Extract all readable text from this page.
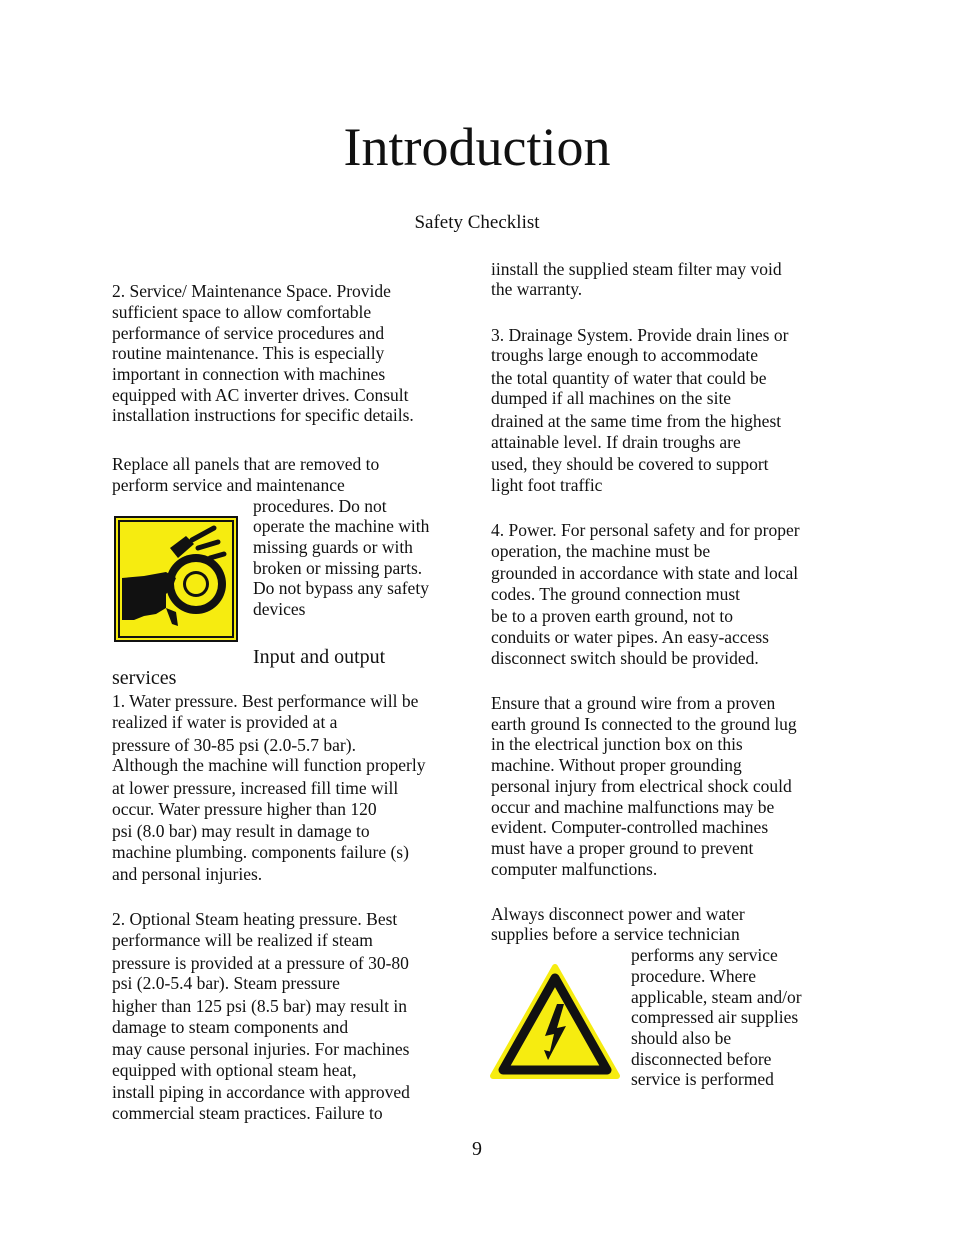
Introduction
Safety Checklist
2. Service/ Maintenance Space. Provide
sufficient space to allow comfortable
performance of service procedures and
routine maintenance. This is especially
important in connection with machines
equipped with AC inverter drives. Consult
installation instructions for specific details.
Replace all panels that are removed to
perform service and maintenance
procedures. Do not
operate the machine with
missing guards or with
broken or missing parts.
Do not bypass any safety
devices
Input and output
services
1. Water pressure. Best performance will be
realized if water is provided at a
pressure of 30-85 psi (2.0-5.7 bar).
Although the machine will function properly
at lower pressure, increased fill time will
occur. Water pressure higher than 120
psi (8.0 bar) may result in damage to
machine plumbing. components failure (s)
and personal injuries.
2. Optional Steam heating pressure. Best
performance will be realized if steam
pressure is provided at a pressure of 30-80
psi (2.0-5.4 bar). Steam pressure
higher than 125 psi (8.5 bar) may result in
damage to steam components and
may cause personal injuries. For machines
equipped with optional steam heat,
install piping in accordance with approved
commercial steam practices. Failure to
iinstall the supplied steam filter may void
the warranty.
3. Drainage System. Provide drain lines or
troughs large enough to accommodate
the total quantity of water that could be
dumped if all machines on the site
drained at the same time from the highest
attainable level. If drain troughs are
used, they should be covered to support
light foot traffic
4. Power. For personal safety and for proper
operation, the machine must be
grounded in accordance with state and local
codes. The ground connection must
be to a proven earth ground, not to
conduits or water pipes. An easy-access
disconnect switch should be provided.
Ensure that a ground wire from a proven
earth ground Is connected to the ground lug
in the electrical junction box on this
machine. Without proper grounding
personal injury from electrical shock could
occur and machine malfunctions may be
evident. Computer-controlled machines
must have a proper ground to prevent
computer malfunctions.
Always disconnect power and water
supplies before a service technician
performs any service
procedure. Where
applicable, steam and/or
compressed air supplies
should also be
disconnected before
service is performed
9
